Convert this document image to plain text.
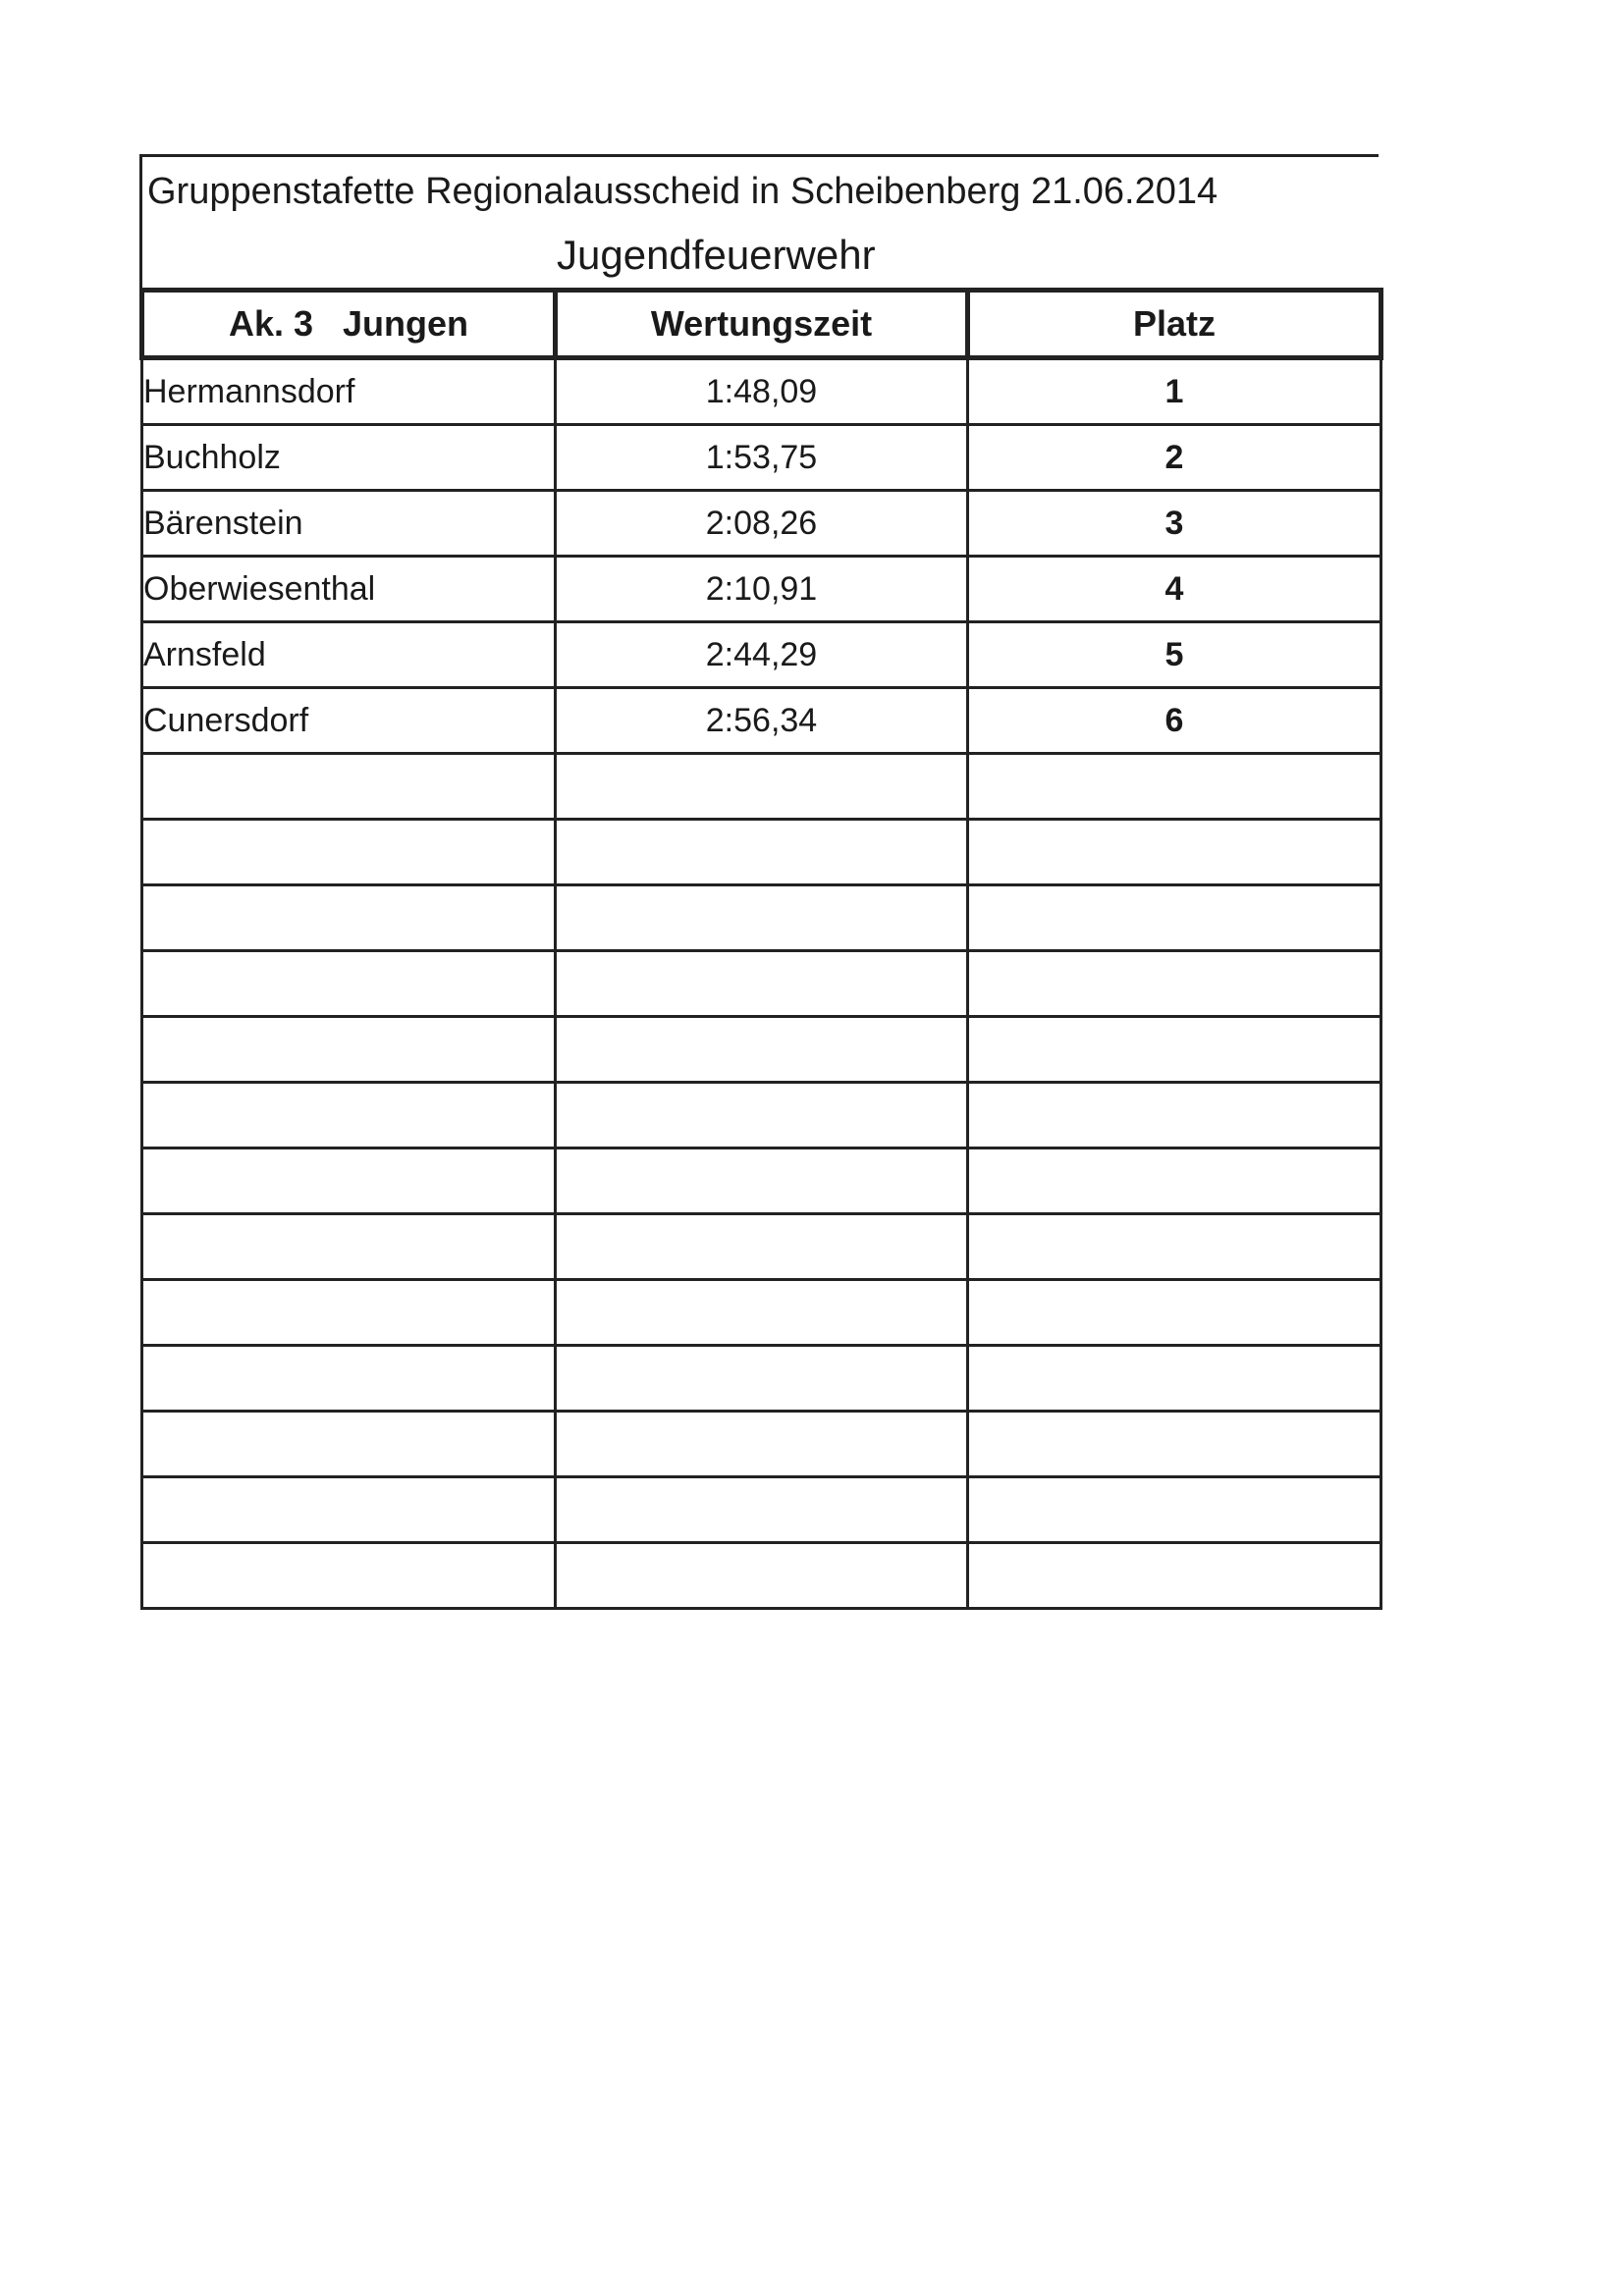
Gruppenstafette Regionalausscheid in Scheibenberg 21.06.2014
Jugendfeuerwehr
Ak. 3   Jungen	Wertungszeit	Platz
Hermannsdorf	1:48,09	1
Buchholz	1:53,75	2
Bärenstein	2:08,26	3
Oberwiesenthal	2:10,91	4
Arnsfeld	2:44,29	5
Cunersdorf	2:56,34	6
